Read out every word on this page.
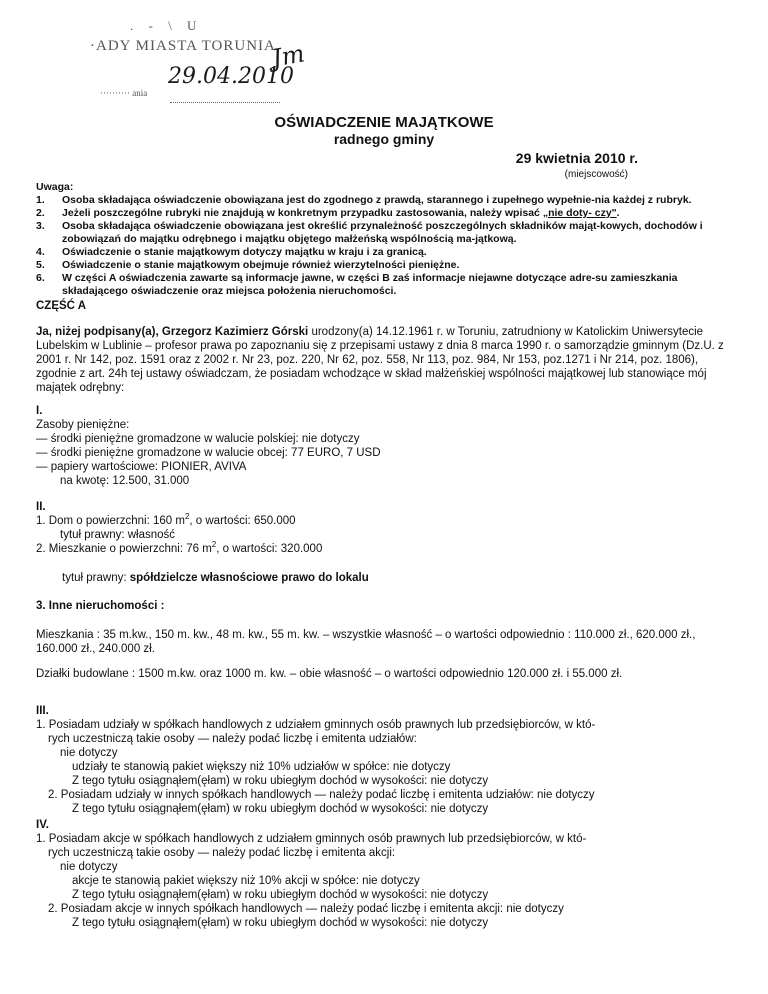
. - \ U
·ADY MIASTA TORUNIA
·········· ania
29.04.2010
Jm
OŚWIADCZENIE MAJĄTKOWE
radnego gminy
29 kwietnia 2010 r.
(miejscowość)
Uwaga:
1. Osoba składająca oświadczenie obowiązana jest do zgodnego z prawdą, starannego i zupełnego wypełnie-nia każdej z rubryk.
2. Jeżeli poszczególne rubryki nie znajdują w konkretnym przypadku zastosowania, należy wpisać „nie doty- czy".
3. Osoba składająca oświadczenie obowiązana jest określić przynależność poszczególnych składników mająt-kowych, dochodów i zobowiązań do majątku odrębnego i majątku objętego małżeńską wspólnością ma-jątkową.
4. Oświadczenie o stanie majątkowym dotyczy majątku w kraju i za granicą.
5. Oświadczenie o stanie majątkowym obejmuje również wierzytelności pieniężne.
6. W części A oświadczenia zawarte są informacje jawne, w części B zaś informacje niejawne dotyczące adre-su zamieszkania składającego oświadczenie oraz miejsca położenia nieruchomości.
CZĘŚĆ A

Ja, niżej podpisany(a), Grzegorz Kazimierz Górski urodzony(a) 14.12.1961 r. w Toruniu, zatrudniony w Katolickim Uniwersytecie Lubelskim w Lublinie – profesor prawa po zapoznaniu się z przepisami ustawy z dnia 8 marca 1990 r. o samorządzie gminnym (Dz.U. z 2001 r. Nr 142, poz. 1591 oraz z 2002 r. Nr 23, poz. 220, Nr 62, poz. 558, Nr 113, poz. 984, Nr 153, poz.1271 i Nr 214, poz. 1806), zgodnie z art. 24h tej ustawy oświadczam, że posiadam wchodzące w skład małżeńskiej wspólności majątkowej lub stanowiące mój majątek odrębny:

I.
Zasoby pieniężne:
— środki pieniężne gromadzone w walucie polskiej: nie dotyczy
— środki pieniężne gromadzone w walucie obcej: 77 EURO, 7 USD
— papiery wartościowe: PIONIER, AVIVA
na kwotę: 12.500, 31.000
II.
1. Dom o powierzchni: 160 $m^2$, o wartości: 650.000
tytuł prawny: własność
2. Mieszkanie o powierzchni: 76 $m^2$, o wartości: 320.000
tytuł prawny: spółdzielcze własnościowe prawo do lokalu
3. Inne nieruchomości :

Mieszkania : 35 m.kw., 150 m. kw., 48 m. kw., 55 m. kw. – wszystkie własność – o wartości odpowiednio : 110.000 zł., 620.000 zł., 160.000 zł., 240.000 zł.

Działki budowlane : 1500 m.kw. oraz 1000 m. kw. – obie własność – o wartości odpowiednio 120.000 zł. i 55.000 zł.

III.
1. Posiadam udziały w spółkach handlowych z udziałem gminnych osób prawnych lub przedsiębiorców, w któ-
rych uczestniczą takie osoby — należy podać liczbę i emitenta udziałów:
nie dotyczy
udziały te stanowią pakiet większy niż 10% udziałów w spółce: nie dotyczy
Z tego tytułu osiągnąłem(ęłam) w roku ubiegłym dochód w wysokości: nie dotyczy
2. Posiadam udziały w innych spółkach handlowych — należy podać liczbę i emitenta udziałów: nie dotyczy
Z tego tytułu osiągnąłem(ęłam) w roku ubiegłym dochód w wysokości: nie dotyczy
IV.
1. Posiadam akcje w spółkach handlowych z udziałem gminnych osób prawnych lub przedsiębiorców, w któ-
rych uczestniczą takie osoby — należy podać liczbę i emitenta akcji:
nie dotyczy
akcje te stanowią pakiet większy niż 10% akcji w spółce: nie dotyczy
Z tego tytułu osiągnąłem(ęłam) w roku ubiegłym dochód w wysokości: nie dotyczy
2. Posiadam akcje w innych spółkach handlowych — należy podać liczbę i emitenta akcji: nie dotyczy
Z tego tytułu osiągnąłem(ęłam) w roku ubiegłym dochód w wysokości: nie dotyczy
